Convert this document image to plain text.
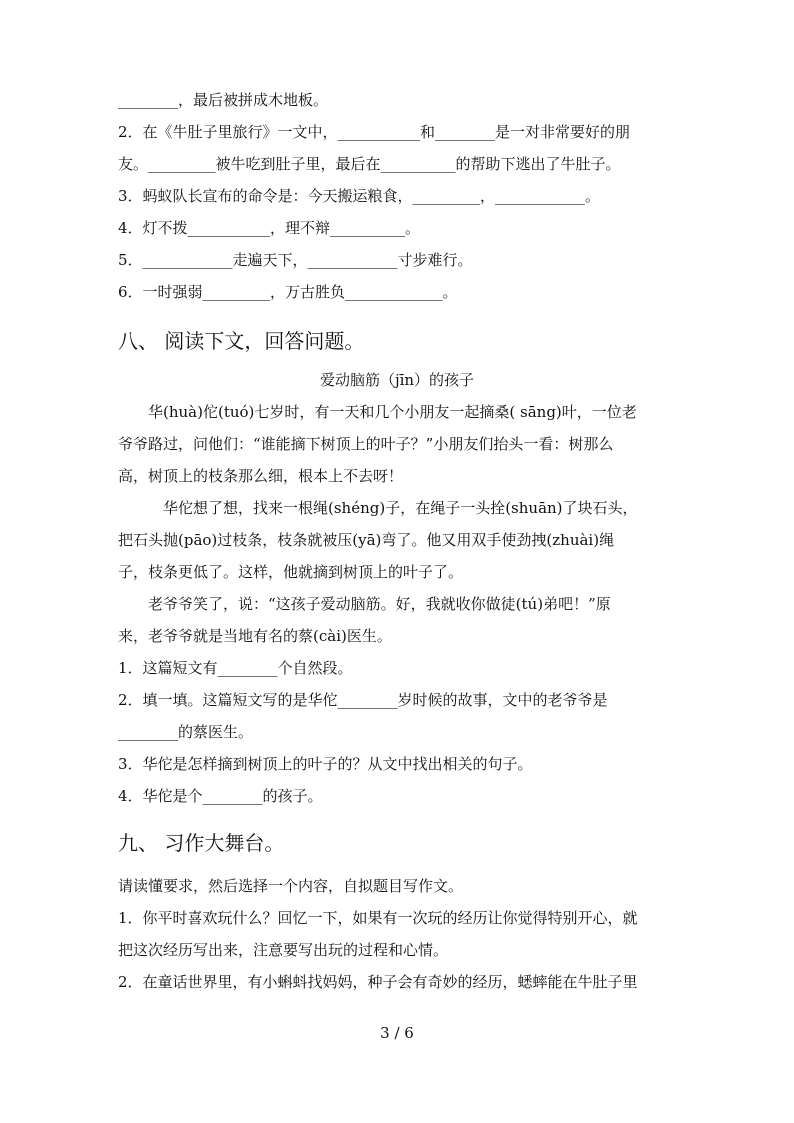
________，最后被拼成木地板。
2．在《牛肚子里旅行》一文中，___________和________是一对非常要好的朋
友。_________被牛吃到肚子里，最后在__________的帮助下逃出了牛肚子。
3．蚂蚁队长宣布的命令是：今天搬运粮食，_________，____________。
4．灯不拨___________，理不辩__________。
5．____________走遍天下，____________寸步难行。
6．一时强弱_________，万古胜负_____________。
八、 阅读下文，回答问题。
爱动脑筋（jīn）的孩子
　　华(huà)佗(tuó)七岁时，有一天和几个小朋友一起摘桑( sāng)叶，一位老
爷爷路过，问他们：“谁能摘下树顶上的叶子？”小朋友们抬头一看：树那么
高，树顶上的枝条那么细，根本上不去呀！
　　　华佗想了想，找来一根绳(shéng)子，在绳子一头拴(shuān)了块石头，
把石头抛(pāo)过枝条，枝条就被压(yā)弯了。他又用双手使劲拽(zhuài)绳
子，枝条更低了。这样，他就摘到树顶上的叶子了。
　　老爷爷笑了，说：“这孩子爱动脑筋。好，我就收你做徒(tú)弟吧！”原
来，老爷爷就是当地有名的蔡(cài)医生。
1．这篇短文有________个自然段。
2．填一填。这篇短文写的是华佗________岁时候的故事，文中的老爷爷是
________的蔡医生。
3．华佗是怎样摘到树顶上的叶子的？从文中找出相关的句子。
4．华佗是个________的孩子。
九、 习作大舞台。
请读懂要求，然后选择一个内容，自拟题目写作文。
1．你平时喜欢玩什么？回忆一下，如果有一次玩的经历让你觉得特别开心，就
把这次经历写出来，注意要写出玩的过程和心情。
2．在童话世界里，有小蝌蚪找妈妈，种子会有奇妙的经历，蟋蟀能在牛肚子里
3 / 6
